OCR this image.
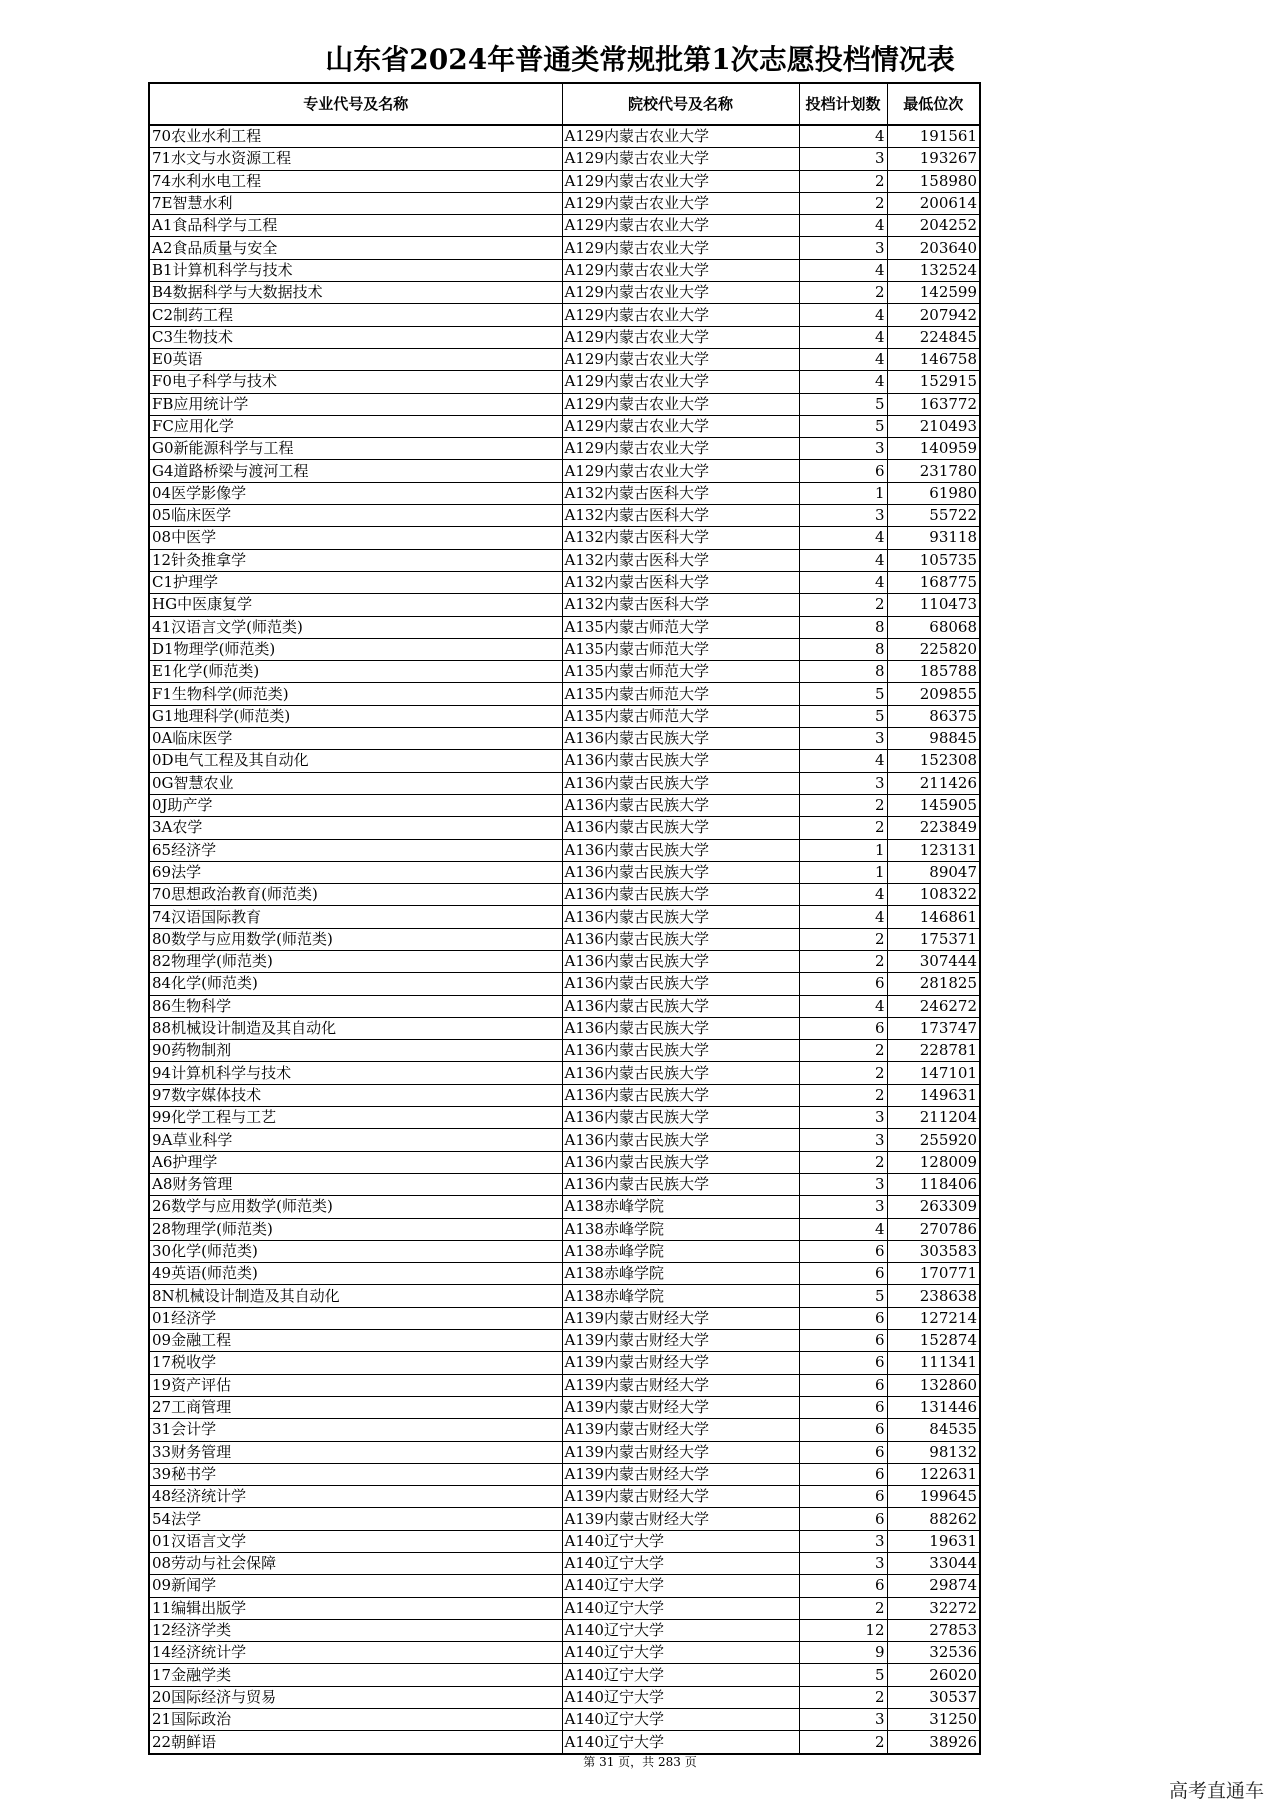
山东省2024年普通类常规批第1次志愿投档情况表
专业代号及名称	院校代号及名称	投档计划数	最低位次
70农业水利工程	A129内蒙古农业大学	4	191561
71水文与水资源工程	A129内蒙古农业大学	3	193267
74水利水电工程	A129内蒙古农业大学	2	158980
7E智慧水利	A129内蒙古农业大学	2	200614
A1食品科学与工程	A129内蒙古农业大学	4	204252
A2食品质量与安全	A129内蒙古农业大学	3	203640
B1计算机科学与技术	A129内蒙古农业大学	4	132524
B4数据科学与大数据技术	A129内蒙古农业大学	2	142599
C2制药工程	A129内蒙古农业大学	4	207942
C3生物技术	A129内蒙古农业大学	4	224845
E0英语	A129内蒙古农业大学	4	146758
F0电子科学与技术	A129内蒙古农业大学	4	152915
FB应用统计学	A129内蒙古农业大学	5	163772
FC应用化学	A129内蒙古农业大学	5	210493
G0新能源科学与工程	A129内蒙古农业大学	3	140959
G4道路桥梁与渡河工程	A129内蒙古农业大学	6	231780
04医学影像学	A132内蒙古医科大学	1	61980
05临床医学	A132内蒙古医科大学	3	55722
08中医学	A132内蒙古医科大学	4	93118
12针灸推拿学	A132内蒙古医科大学	4	105735
C1护理学	A132内蒙古医科大学	4	168775
HG中医康复学	A132内蒙古医科大学	2	110473
41汉语言文学(师范类)	A135内蒙古师范大学	8	68068
D1物理学(师范类)	A135内蒙古师范大学	8	225820
E1化学(师范类)	A135内蒙古师范大学	8	185788
F1生物科学(师范类)	A135内蒙古师范大学	5	209855
G1地理科学(师范类)	A135内蒙古师范大学	5	86375
0A临床医学	A136内蒙古民族大学	3	98845
0D电气工程及其自动化	A136内蒙古民族大学	4	152308
0G智慧农业	A136内蒙古民族大学	3	211426
0J助产学	A136内蒙古民族大学	2	145905
3A农学	A136内蒙古民族大学	2	223849
65经济学	A136内蒙古民族大学	1	123131
69法学	A136内蒙古民族大学	1	89047
70思想政治教育(师范类)	A136内蒙古民族大学	4	108322
74汉语国际教育	A136内蒙古民族大学	4	146861
80数学与应用数学(师范类)	A136内蒙古民族大学	2	175371
82物理学(师范类)	A136内蒙古民族大学	2	307444
84化学(师范类)	A136内蒙古民族大学	6	281825
86生物科学	A136内蒙古民族大学	4	246272
88机械设计制造及其自动化	A136内蒙古民族大学	6	173747
90药物制剂	A136内蒙古民族大学	2	228781
94计算机科学与技术	A136内蒙古民族大学	2	147101
97数字媒体技术	A136内蒙古民族大学	2	149631
99化学工程与工艺	A136内蒙古民族大学	3	211204
9A草业科学	A136内蒙古民族大学	3	255920
A6护理学	A136内蒙古民族大学	2	128009
A8财务管理	A136内蒙古民族大学	3	118406
26数学与应用数学(师范类)	A138赤峰学院	3	263309
28物理学(师范类)	A138赤峰学院	4	270786
30化学(师范类)	A138赤峰学院	6	303583
49英语(师范类)	A138赤峰学院	6	170771
8N机械设计制造及其自动化	A138赤峰学院	5	238638
01经济学	A139内蒙古财经大学	6	127214
09金融工程	A139内蒙古财经大学	6	152874
17税收学	A139内蒙古财经大学	6	111341
19资产评估	A139内蒙古财经大学	6	132860
27工商管理	A139内蒙古财经大学	6	131446
31会计学	A139内蒙古财经大学	6	84535
33财务管理	A139内蒙古财经大学	6	98132
39秘书学	A139内蒙古财经大学	6	122631
48经济统计学	A139内蒙古财经大学	6	199645
54法学	A139内蒙古财经大学	6	88262
01汉语言文学	A140辽宁大学	3	19631
08劳动与社会保障	A140辽宁大学	3	33044
09新闻学	A140辽宁大学	6	29874
11编辑出版学	A140辽宁大学	2	32272
12经济学类	A140辽宁大学	12	27853
14经济统计学	A140辽宁大学	9	32536
17金融学类	A140辽宁大学	5	26020
20国际经济与贸易	A140辽宁大学	2	30537
21国际政治	A140辽宁大学	3	31250
22朝鲜语	A140辽宁大学	2	38926
第 31 页，共 283 页
高考直通车
